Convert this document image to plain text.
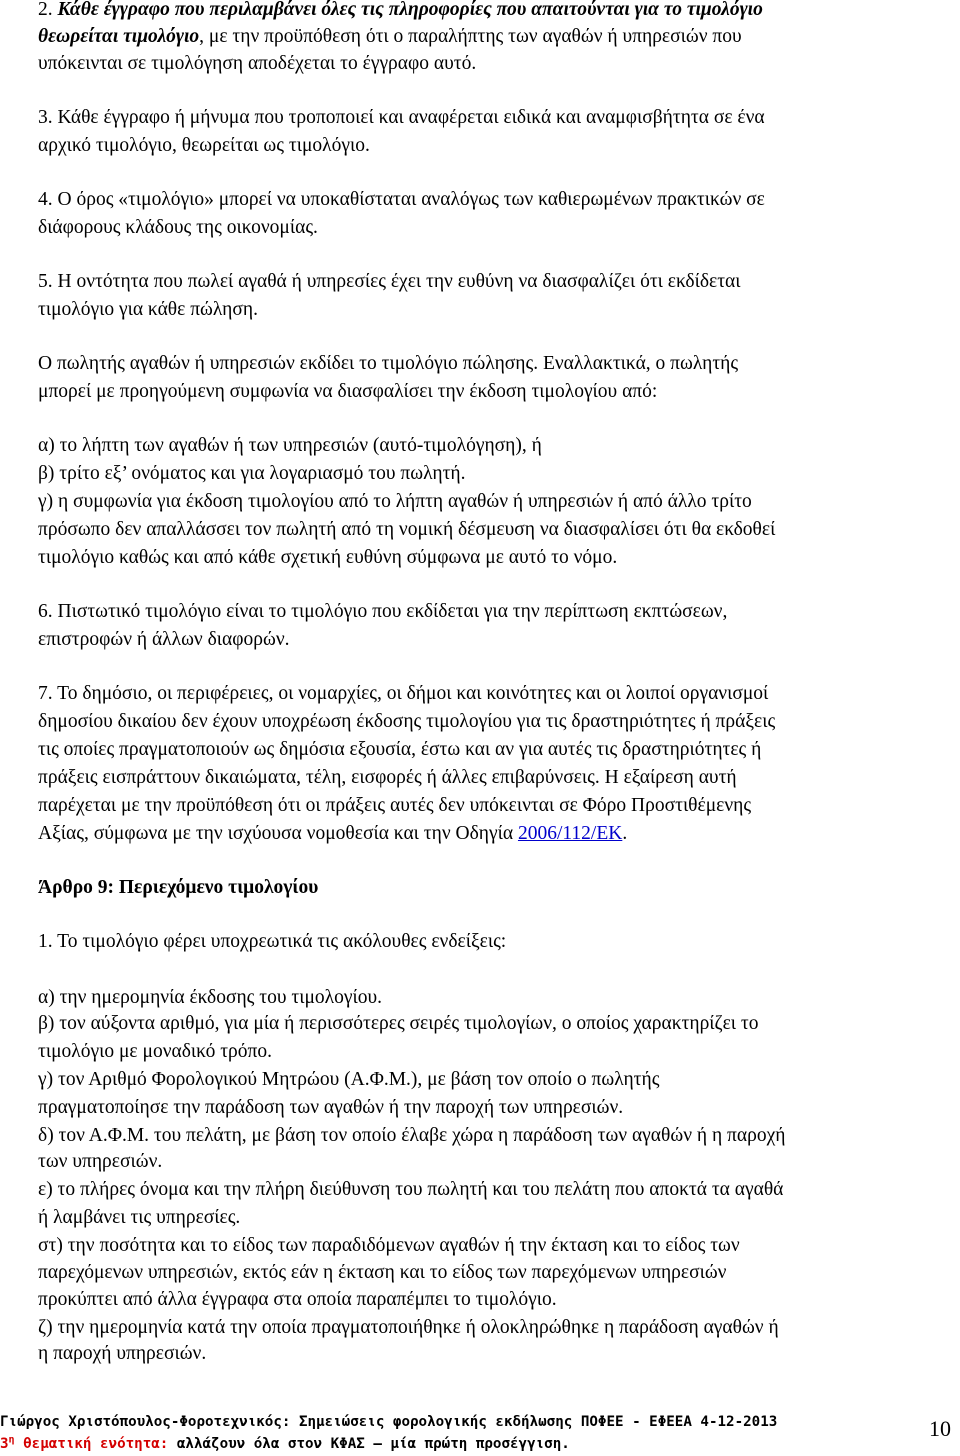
2. Κάθε έγγραφο που περιλαμβάνει όλες τις πληροφορίες που απαιτούνται για το τιμολόγιο
θεωρείται τιμολόγιο, με την προϋπόθεση ότι ο παραλήπτης των αγαθών ή υπηρεσιών που
υπόκεινται σε τιμολόγηση αποδέχεται το έγγραφο αυτό.
3. Κάθε έγγραφο ή μήνυμα που τροποποιεί και αναφέρεται ειδικά και αναμφισβήτητα σε ένα
αρχικό τιμολόγιο, θεωρείται ως τιμολόγιο.
4. Ο όρος «τιμολόγιο» μπορεί να υποκαθίσταται αναλόγως των καθιερωμένων πρακτικών σε
διάφορους κλάδους της οικονομίας.
5. Η οντότητα που πωλεί αγαθά ή υπηρεσίες έχει την ευθύνη να διασφαλίζει ότι εκδίδεται
τιμολόγιο για κάθε πώληση.
Ο πωλητής αγαθών ή υπηρεσιών εκδίδει το τιμολόγιο πώλησης. Εναλλακτικά, ο πωλητής
μπορεί με προηγούμενη συμφωνία να διασφαλίσει την έκδοση τιμολογίου από:
α) το λήπτη των αγαθών ή των υπηρεσιών (αυτό-τιμολόγηση), ή
β) τρίτο εξ’ ονόματος και για λογαριασμό του πωλητή.
γ) η συμφωνία για έκδοση τιμολογίου από το λήπτη αγαθών ή υπηρεσιών ή από άλλο τρίτο
πρόσωπο δεν απαλλάσσει τον πωλητή από τη νομική δέσμευση να διασφαλίσει ότι θα εκδοθεί
τιμολόγιο καθώς και από κάθε σχετική ευθύνη σύμφωνα με αυτό το νόμο.
6. Πιστωτικό τιμολόγιο είναι το τιμολόγιο που εκδίδεται για την περίπτωση εκπτώσεων,
επιστροφών ή άλλων διαφορών.
7. Το δημόσιο, οι περιφέρειες, οι νομαρχίες, οι δήμοι και κοινότητες και οι λοιποί οργανισμοί
δημοσίου δικαίου δεν έχουν υποχρέωση έκδοσης τιμολογίου για τις δραστηριότητες ή πράξεις
τις οποίες πραγματοποιούν ως δημόσια εξουσία, έστω και αν για αυτές τις δραστηριότητες ή
πράξεις εισπράττουν δικαιώματα, τέλη, εισφορές ή άλλες επιβαρύνσεις. Η εξαίρεση αυτή
παρέχεται με την προϋπόθεση ότι οι πράξεις αυτές δεν υπόκεινται σε Φόρο Προστιθέμενης
Αξίας, σύμφωνα με την ισχύουσα νομοθεσία και την Οδηγία 2006/112/ΕΚ.
Άρθρο 9: Περιεχόμενο τιμολογίου
1. Το τιμολόγιο φέρει υποχρεωτικά τις ακόλουθες ενδείξεις:
α) την ημερομηνία έκδοσης του τιμολογίου.
β) τον αύξοντα αριθμό, για μία ή περισσότερες σειρές τιμολογίων, ο οποίος χαρακτηρίζει το
τιμολόγιο με μοναδικό τρόπο.
γ) τον Αριθμό Φορολογικού Μητρώου (Α.Φ.Μ.), με βάση τον οποίο ο πωλητής
πραγματοποίησε την παράδοση των αγαθών ή την παροχή των υπηρεσιών.
δ) τον Α.Φ.Μ. του πελάτη, με βάση τον οποίο έλαβε χώρα η παράδοση των αγαθών ή η παροχή
των υπηρεσιών.
ε) το πλήρες όνομα και την πλήρη διεύθυνση του πωλητή και του πελάτη που αποκτά τα αγαθά
ή λαμβάνει τις υπηρεσίες.
στ) την ποσότητα και το είδος των παραδιδόμενων αγαθών ή την έκταση και το είδος των
παρεχόμενων υπηρεσιών, εκτός εάν η έκταση και το είδος των παρεχόμενων υπηρεσιών
προκύπτει από άλλα έγγραφα στα οποία παραπέμπει το τιμολόγιο.
ζ) την ημερομηνία κατά την οποία πραγματοποιήθηκε ή ολοκληρώθηκε η παράδοση αγαθών ή
η παροχή υπηρεσιών.
Γιώργος Χριστόπουλος-Φοροτεχνικός: Σημειώσεις φορολογικής εκδήλωσης ΠΟΦΕΕ - ΕΦΕΕΑ 4-12-2013
$3^\eta$ θεματική ενότητα: αλλάζουν όλα στον ΚΦΑΣ – μία πρώτη προσέγγιση.
10
